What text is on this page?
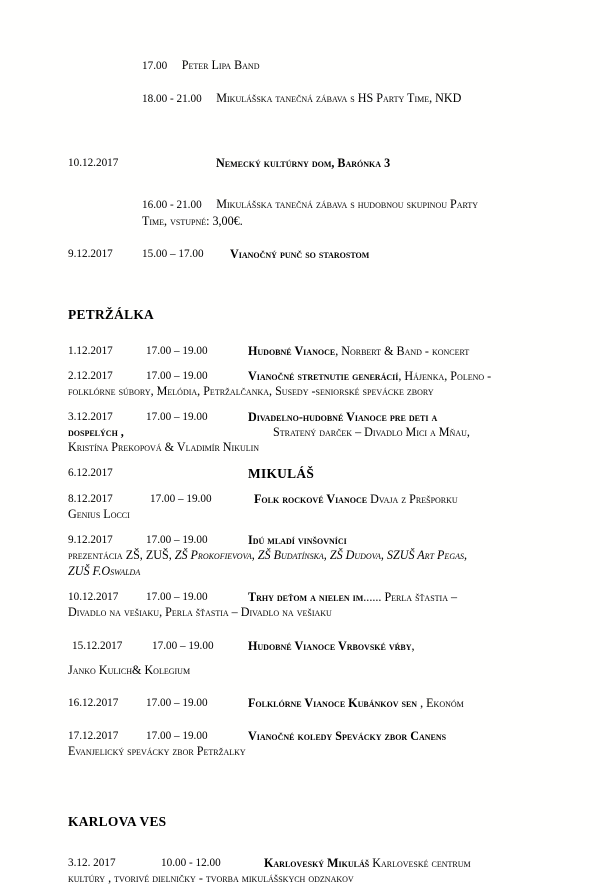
17.00 Peter Lipa Band
18.00 - 21.00 Mikulášska tanečná zábava s HS Party Time, NKD
10.12.2017	Nemecký kultúrny dom, Barónka 3
16.00 - 21.00 Mikulášska tanečná zábava s hudobnou skupinou Party
Time, vstupné: 3,00€.
9.12.2017	15.00 – 17.00 Vianočný punč so starostom
PETRŽÁLKA
1.12.2017	17.00 – 19.00	Hudobné Vianoce, Norbert & Band - koncert
2.12.2017	17.00 – 19.00	Vianočné stretnutie generácií, Hájenka, Poleno -
folklórne súbory, Melódia, Petržalčanka, Susedy -seniorské spevácke zbory
3.12.2017	17.00 – 19.00	Divadelno-hudobné Vianoce pre deti a
dospelých ,	Stratený darček – Divadlo Mici a Mňau,
Kristína Prekopová & Vladimír Nikulin
6.12.2017	MIKULÁŠ
8.12.2017	17.00 – 19.00	Folk rockové Vianoce Dvaja z Prešporku
Genius Locci
9.12.2017	17.00 – 19.00	Idú mladí vinšovníci
prezentácia ZŠ, ZUŠ, ZŠ Prokofievova, ZŠ Budatínska, ZŠ Dudova, SZUŠ Art Pegas,
ZUŠ F.Oswalda
10.12.2017 17.00 – 19.00	Trhy deťom a nielen im...... Perla šťastia –
Divadlo na vešiaku, Perla šťastia – Divadlo na vešiaku
15.12.2017	17.00 – 19.00	Hudobné Vianoce Vrbovské vŕby,
Janko Kulich& Kolegium
16.12.2017 17.00 – 19.00	Folklórne Vianoce Kubánkov sen , Ekonóm
17.12.2017 17.00 – 19.00	Vianočné koledy Spevácky zbor Canens
Evanjelický spevácky zbor Petržalky
KARLOVA VES
3.12. 2017	10.00 - 12.00	Karloveský Mikuláš Karloveské centrum
kultúry , tvorivé dielničky - tvorba mikulášskych odznakov
